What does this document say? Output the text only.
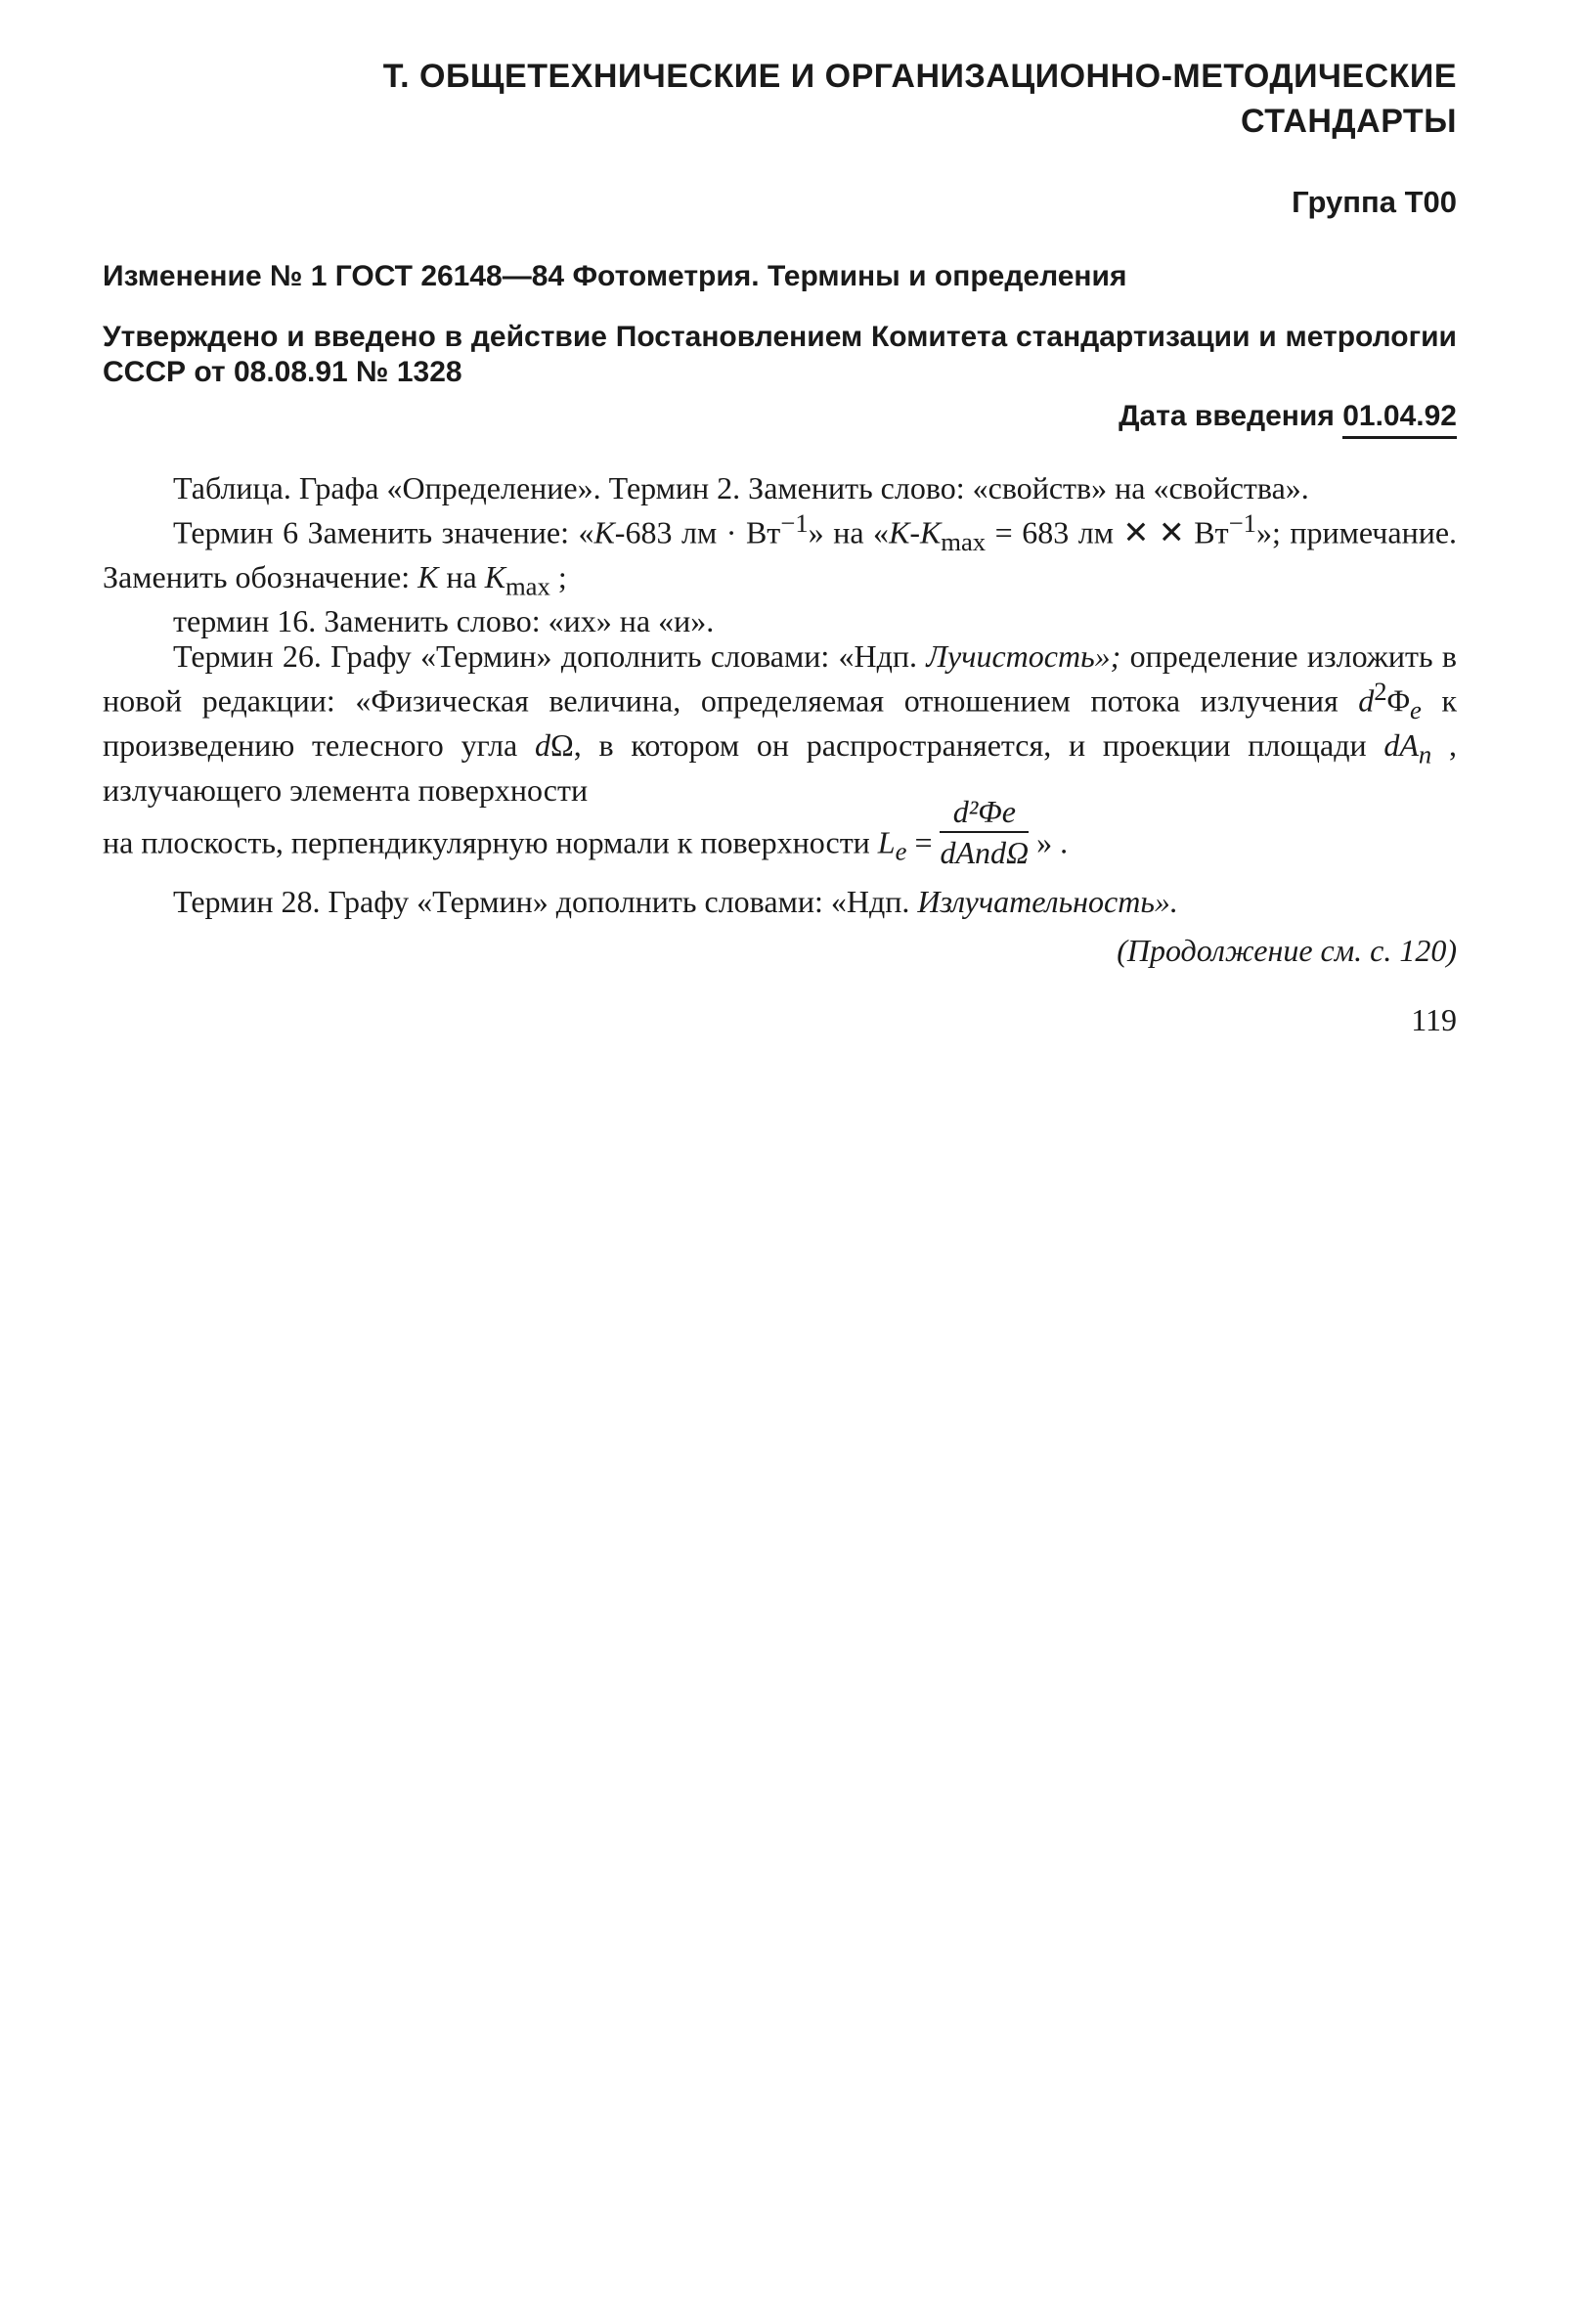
Т. ОБЩЕТЕХНИЧЕСКИЕ И ОРГАНИЗАЦИОННО-МЕТОДИЧЕСКИЕ
СТАНДАРТЫ
Группа Т00
Изменение № 1 ГОСТ 26148—84 Фотометрия. Термины и определения
Утверждено и введено в действие Постановлением Комитета стандартизации и метрологии СССР от 08.08.91 № 1328
Дата введения 01.04.92

Таблица. Графа «Определение». Термин 2. Заменить слово: «свойств» на «свойства».

Термин 6 Заменить значение: «К-683 лм · $Вт^{-1}$» на «$К-К_{max} = 683$ лм ✕ ✕ $Вт^{-1}$»; примечание. Заменить обозначение: К на $К_{max}$ ;

термин 16. Заменить слово: «их» на «и».

Термин 26. Графу «Термин» дополнить словами: «Ндп. Лучистость»; определение изложить в новой редакции: «Физическая величина, определяемая отношением потока излучения $d^2\Phi_e$ к произведению телесного угла dΩ, в котором он распространяется, и проекции площади $dA_n$ , излучающего элемента поверхности

на плоскость, перпендикулярную нормали к поверхности $L_e = \frac{\text{d²Φe}}{\text{dAndΩ}}$ » .

Термин 28. Графу «Термин» дополнить словами: «Ндп. Излучательность».

(Продолжение см. с. 120)
119
